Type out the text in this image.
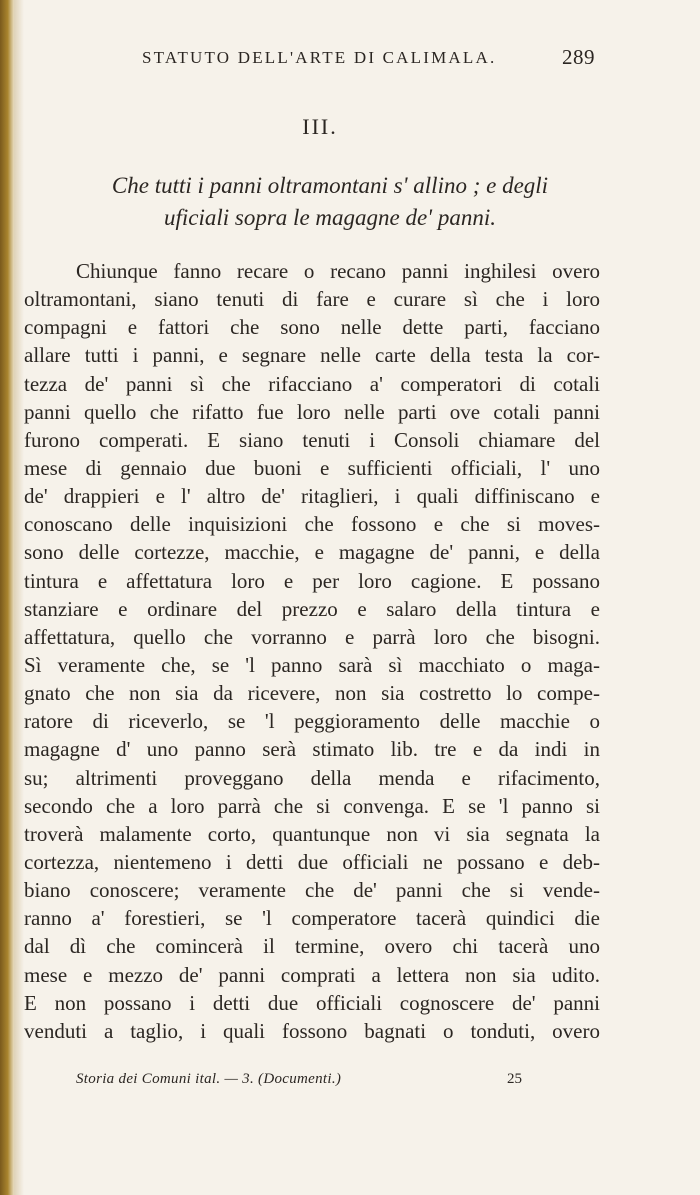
STATUTO DELL'ARTE DI CALIMALA.	289
III.
Che tutti i panni oltramontani s' allino ; e degli
uficiali sopra le magagne de' panni.
Chiunque fanno recare o recano panni inghilesi overo
oltramontani, siano tenuti di fare e curare sì che i loro
compagni e fattori che sono nelle dette parti, facciano
allare tutti i panni, e segnare nelle carte della testa la cor-
tezza de' panni sì che rifacciano a' comperatori di cotali
panni quello che rifatto fue loro nelle parti ove cotali panni
furono comperati. E siano tenuti i Consoli chiamare del
mese di gennaio due buoni e sufficienti officiali, l' uno
de' drappieri e l' altro de' ritaglieri, i quali diffiniscano e
conoscano delle inquisizioni che fossono e che si moves-
sono delle cortezze, macchie, e magagne de' panni, e della
tintura e affettatura loro e per loro cagione. E possano
stanziare e ordinare del prezzo e salaro della tintura e
affettatura, quello che vorranno e parrà loro che bisogni.
Sì veramente che, se 'l panno sarà sì macchiato o maga-
gnato che non sia da ricevere, non sia costretto lo compe-
ratore di riceverlo, se 'l peggioramento delle macchie o
magagne d' uno panno serà stimato lib. tre e da indi in
su; altrimenti proveggano della menda e rifacimento,
secondo che a loro parrà che si convenga. E se 'l panno si
troverà malamente corto, quantunque non vi sia segnata la
cortezza, nientemeno i detti due officiali ne possano e deb-
biano conoscere; veramente che de' panni che si vende-
ranno a' forestieri, se 'l comperatore tacerà quindici die
dal dì che comincerà il termine, overo chi tacerà uno
mese e mezzo de' panni comprati a lettera non sia udito.
E non possano i detti due officiali cognoscere de' panni
venduti a taglio, i quali fossono bagnati o tonduti, overo
Storia dei Comuni ital. — 3. (Documenti.)	25
